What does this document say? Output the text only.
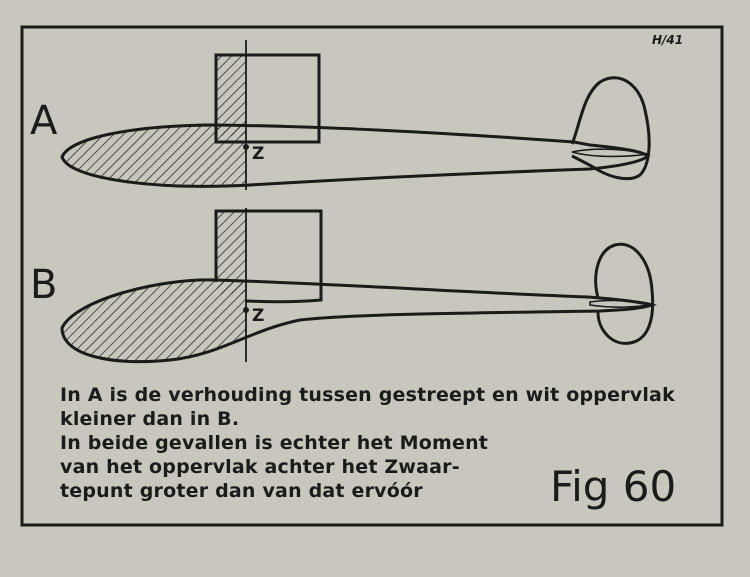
H/41
A
B
Z
Z
In A is de verhouding tussen gestreept en wit oppervlak
kleiner dan in B.
In beide gevallen is echter het Moment
van het oppervlak achter het Zwaar-
tepunt groter dan van dat ervóór	Fig 60
